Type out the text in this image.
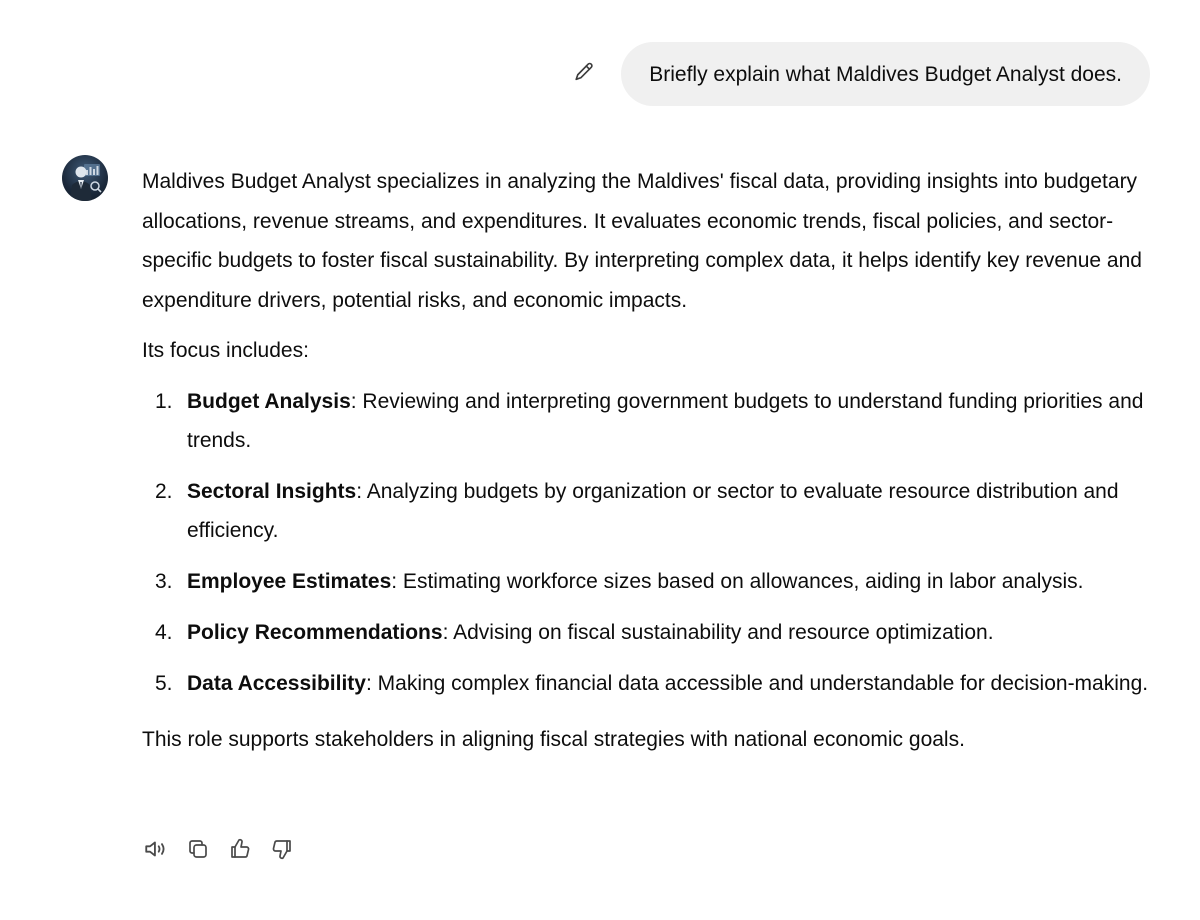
Briefly explain what Maldives Budget Analyst does.

Maldives Budget Analyst specializes in analyzing the Maldives' fiscal data, providing insights into budgetary allocations, revenue streams, and expenditures. It evaluates economic trends, fiscal policies, and sector-specific budgets to foster fiscal sustainability. By interpreting complex data, it helps identify key revenue and expenditure drivers, potential risks, and economic impacts.

Its focus includes:

1. Budget Analysis: Reviewing and interpreting government budgets to understand funding priorities and trends.
2. Sectoral Insights: Analyzing budgets by organization or sector to evaluate resource distribution and efficiency.
3. Employee Estimates: Estimating workforce sizes based on allowances, aiding in labor analysis.
4. Policy Recommendations: Advising on fiscal sustainability and resource optimization.
5. Data Accessibility: Making complex financial data accessible and understandable for decision-making.

This role supports stakeholders in aligning fiscal strategies with national economic goals.
